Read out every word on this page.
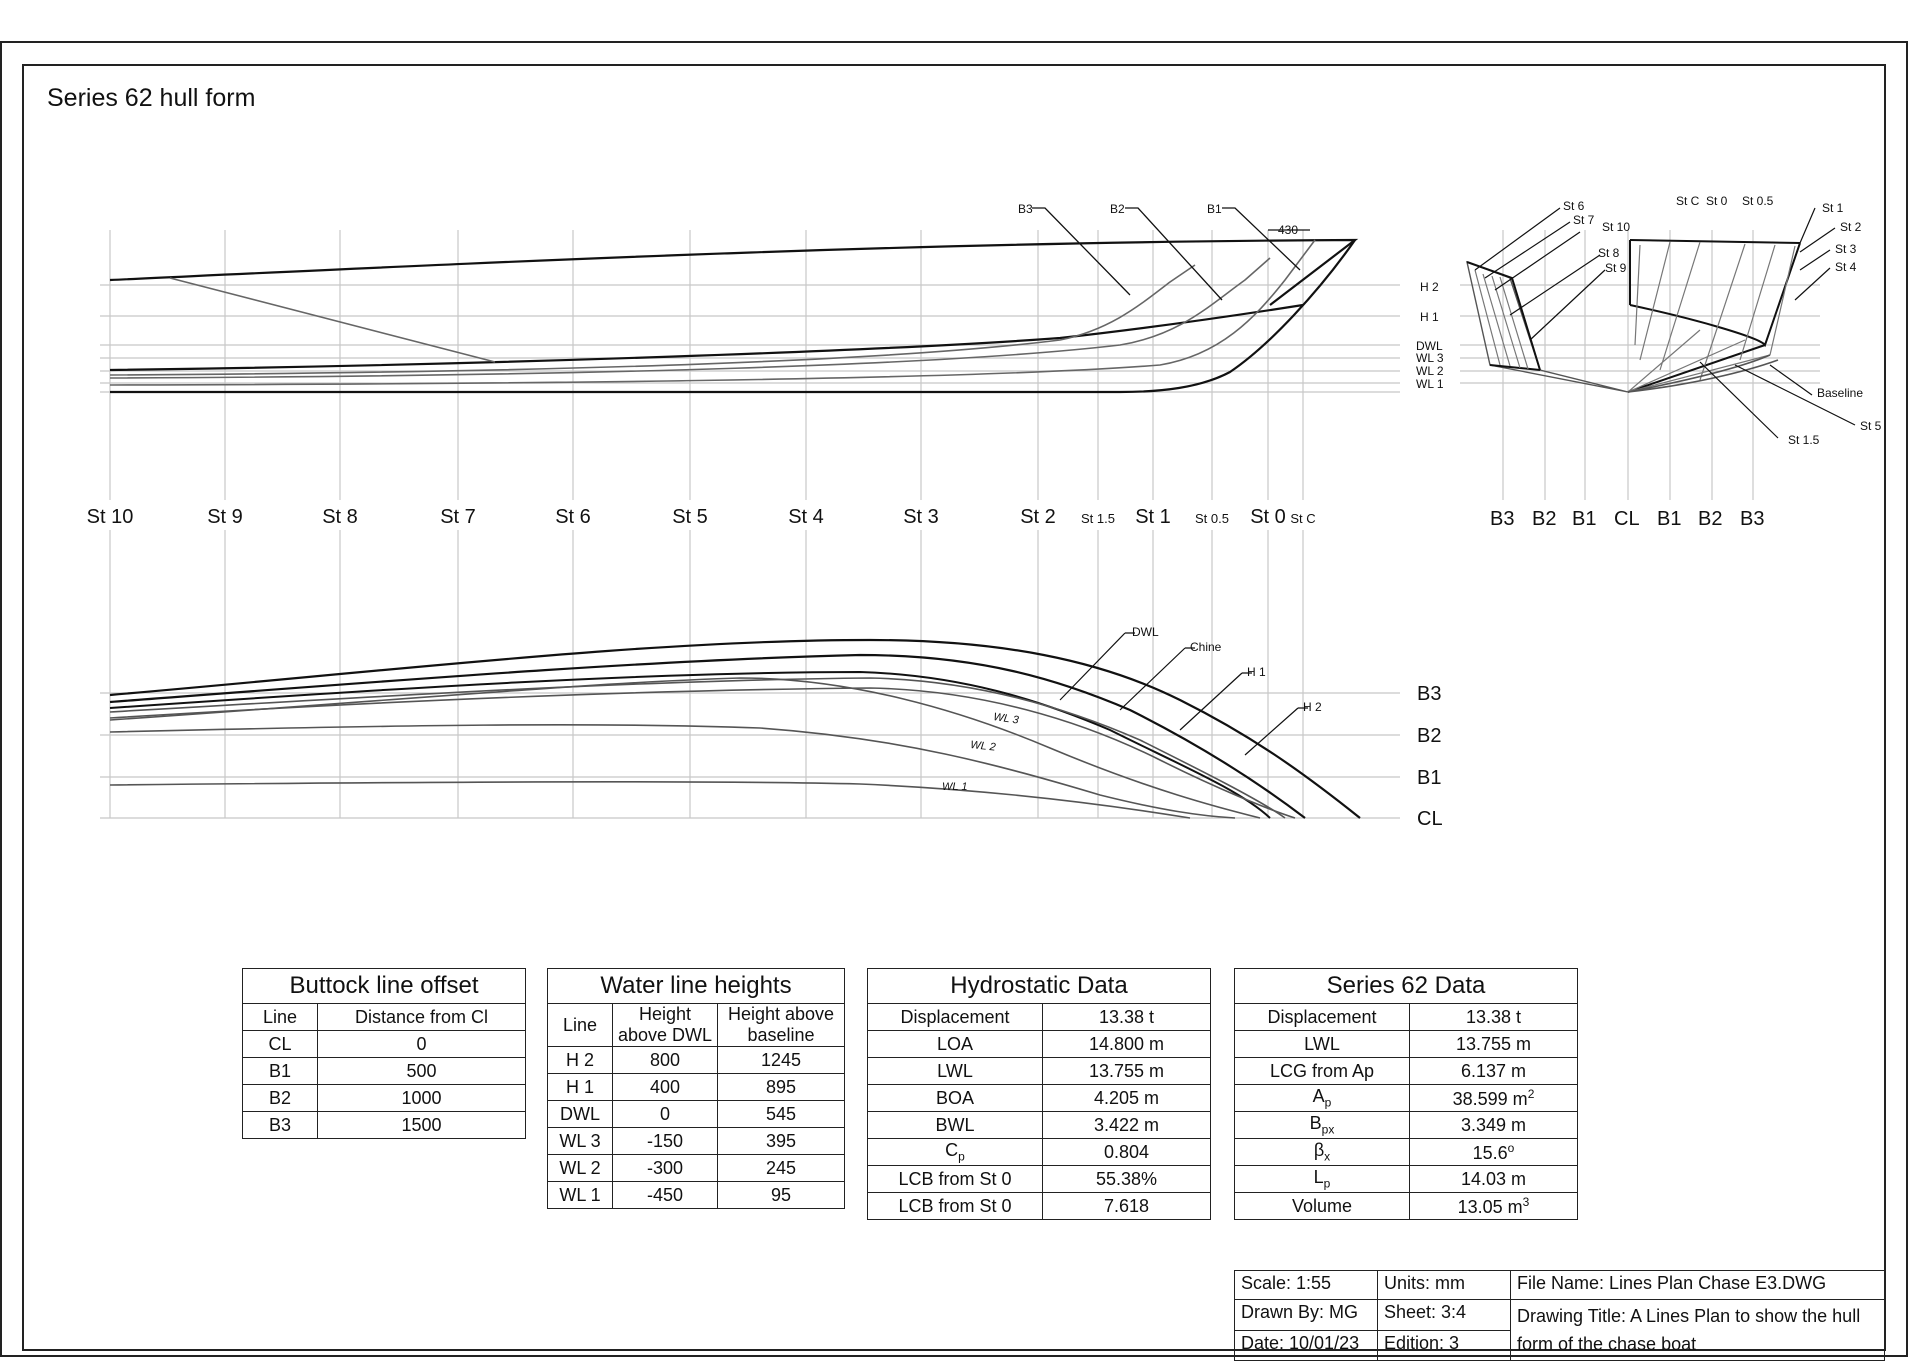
Series 62 hull form
B3	B2	B1
430
H 2
H 1
DWL
WL 3
WL 2
WL 1
St 10	St 9	St 8	St 7	St 6	St 5	St 4	St 3	St 2 St 1.5 St 1 St 0.5 St 0 St C
St 6
St 7 St 10
St 8
St 9
St C St 0 St 0.5	St 1
St 2
St 3
St 4
Baseline
St 5
St 1.5
B3 B2 B1 CL B1 B2 B3
DWL
Chine
H 1
H 2
WL 3
WL 2
WL 1
B3
B2
B1
CL
Buttock line offset	
Line	Distance from Cl
CL	0
B1	500
B2	1000
B3	1500
Water line heights		
Line	Height above DWL	Height above baseline
H 2	800	1245
H 1	400	895
DWL	0	545
WL 3	-150	395
WL 2	-300	245
WL 1	-450	95
Hydrostatic Data	
Displacement	13.38 t
LOA	14.800 m
LWL	13.755 m
BOA	4.205 m
BWL	3.422 m
$C_p$	0.804
LCB from St 0	55.38%
LCB from St 0	7.618
Series 62 Data	
Displacement	13.38 t
LWL	13.755 m
LCG from Ap	6.137 m
$A_p$	38.599 $m^2$
$B_{px}$	3.349 m
$\beta_x$	15.6$^o$
$L_p$	14.03 m
Volume	13.05 $m^3$
Scale: 1:55	Units: mm	File Name: Lines Plan Chase E3.DWG
Drawn By: MG	Sheet: 3:4	Drawing Title: A Lines Plan to show the hull form of the chase boat
Date: 10/01/23	Edition: 3	
